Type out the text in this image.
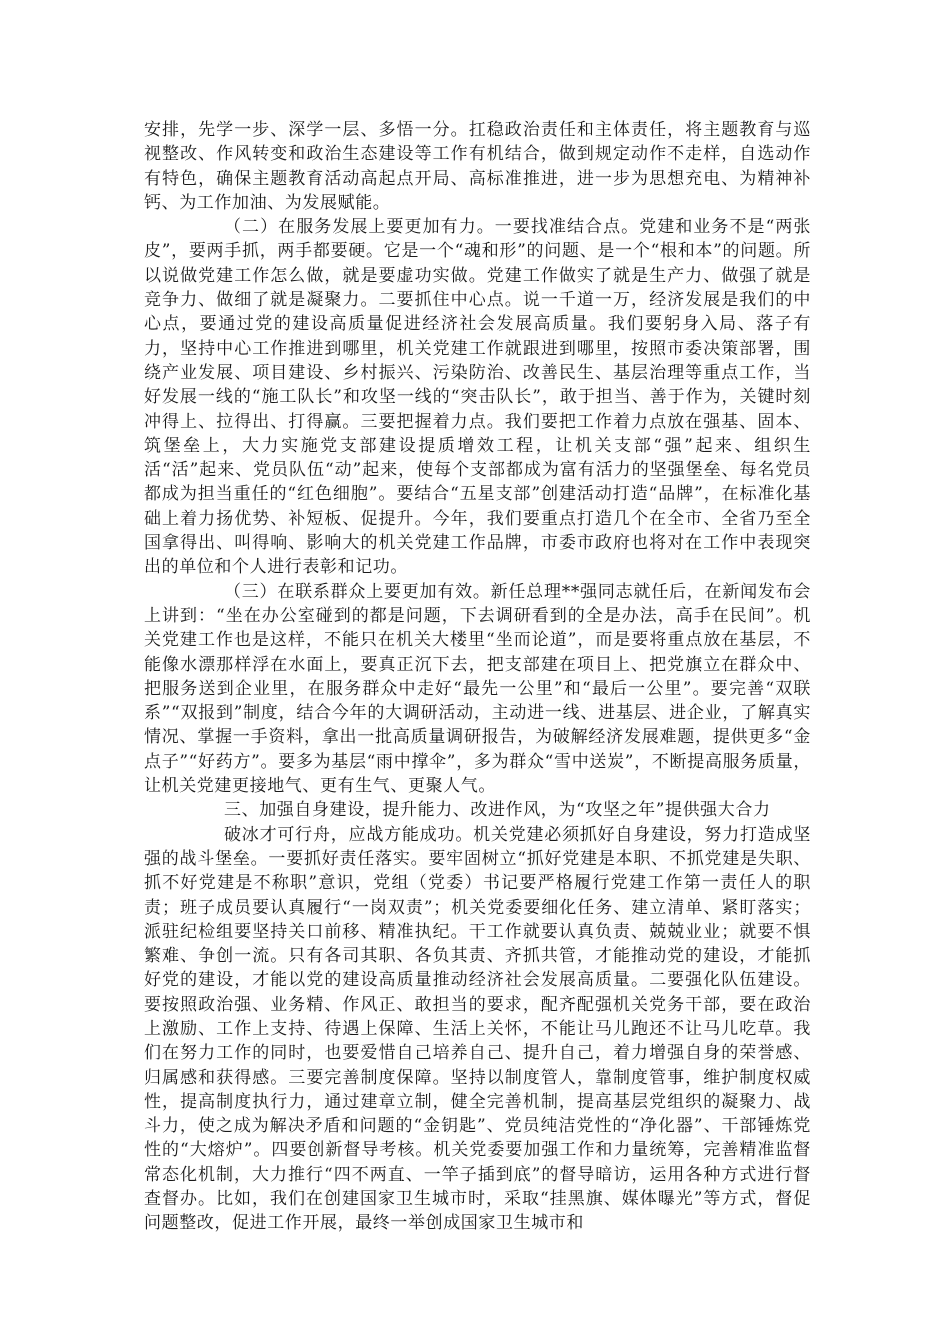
安排，先学一步、深学一层、多悟一分。扛稳政治责任和主体责任，将主题教育与巡视整改、作风转变和政治生态建设等工作有机结合，做到规定动作不走样，自选动作有特色，确保主题教育活动高起点开局、高标准推进，进一步为思想充电、为精神补钙、为工作加油、为发展赋能。

（二）在服务发展上要更加有力。一要找准结合点。党建和业务不是“两张皮”，要两手抓，两手都要硬。它是一个“魂和形”的问题、是一个“根和本”的问题。所以说做党建工作怎么做，就是要虚功实做。党建工作做实了就是生产力、做强了就是竞争力、做细了就是凝聚力。二要抓住中心点。说一千道一万，经济发展是我们的中心点，要通过党的建设高质量促进经济社会发展高质量。我们要躬身入局、落子有力，坚持中心工作推进到哪里，机关党建工作就跟进到哪里，按照市委决策部署，围绕产业发展、项目建设、乡村振兴、污染防治、改善民生、基层治理等重点工作，当好发展一线的“施工队长”和攻坚一线的“突击队长”，敢于担当、善于作为，关键时刻冲得上、拉得出、打得赢。三要把握着力点。我们要把工作着力点放在强基、固本、筑堡垒上，大力实施党支部建设提质增效工程，让机关支部“强”起来、组织生活“活”起来、党员队伍“动”起来，使每个支部都成为富有活力的坚强堡垒、每名党员都成为担当重任的“红色细胞”。要结合“五星支部”创建活动打造“品牌”，在标准化基础上着力扬优势、补短板、促提升。今年，我们要重点打造几个在全市、全省乃至全国拿得出、叫得响、影响大的机关党建工作品牌，市委市政府也将对在工作中表现突出的单位和个人进行表彰和记功。

（三）在联系群众上要更加有效。新任总理**强同志就任后，在新闻发布会上讲到：“坐在办公室碰到的都是问题，下去调研看到的全是办法，高手在民间”。机关党建工作也是这样，不能只在机关大楼里“坐而论道”，而是要将重点放在基层，不能像水漂那样浮在水面上，要真正沉下去，把支部建在项目上、把党旗立在群众中、把服务送到企业里，在服务群众中走好“最先一公里”和“最后一公里”。要完善“双联系”“双报到”制度，结合今年的大调研活动，主动进一线、进基层、进企业，了解真实情况、掌握一手资料，拿出一批高质量调研报告，为破解经济发展难题，提供更多“金点子”“好药方”。要多为基层“雨中撑伞”，多为群众“雪中送炭”，不断提高服务质量，让机关党建更接地气、更有生气、更聚人气。

三、加强自身建设，提升能力、改进作风，为“攻坚之年”提供强大合力

破冰才可行舟，应战方能成功。机关党建必须抓好自身建设，努力打造成坚强的战斗堡垒。一要抓好责任落实。要牢固树立“抓好党建是本职、不抓党建是失职、抓不好党建是不称职”意识，党组（党委）书记要严格履行党建工作第一责任人的职责；班子成员要认真履行“一岗双责”；机关党委要细化任务、建立清单、紧盯落实；派驻纪检组要坚持关口前移、精准执纪。干工作就要认真负责、兢兢业业；就要不惧繁难、争创一流。只有各司其职、各负其责、齐抓共管，才能推动党的建设，才能抓好党的建设，才能以党的建设高质量推动经济社会发展高质量。二要强化队伍建设。要按照政治强、业务精、作风正、敢担当的要求，配齐配强机关党务干部，要在政治上激励、工作上支持、待遇上保障、生活上关怀，不能让马儿跑还不让马儿吃草。我们在努力工作的同时，也要爱惜自己培养自己、提升自己，着力增强自身的荣誉感、归属感和获得感。三要完善制度保障。坚持以制度管人，靠制度管事，维护制度权威性，提高制度执行力，通过建章立制，健全完善机制，提高基层党组织的凝聚力、战斗力，使之成为解决矛盾和问题的“金钥匙”、党员纯洁党性的“净化器”、干部锤炼党性的“大熔炉”。四要创新督导考核。机关党委要加强工作和力量统筹，完善精准监督常态化机制，大力推行“四不两直、一竿子插到底”的督导暗访，运用各种方式进行督查督办。比如，我们在创建国家卫生城市时，采取“挂黑旗、媒体曝光”等方式，督促问题整改，促进工作开展，最终一举创成国家卫生城市和
